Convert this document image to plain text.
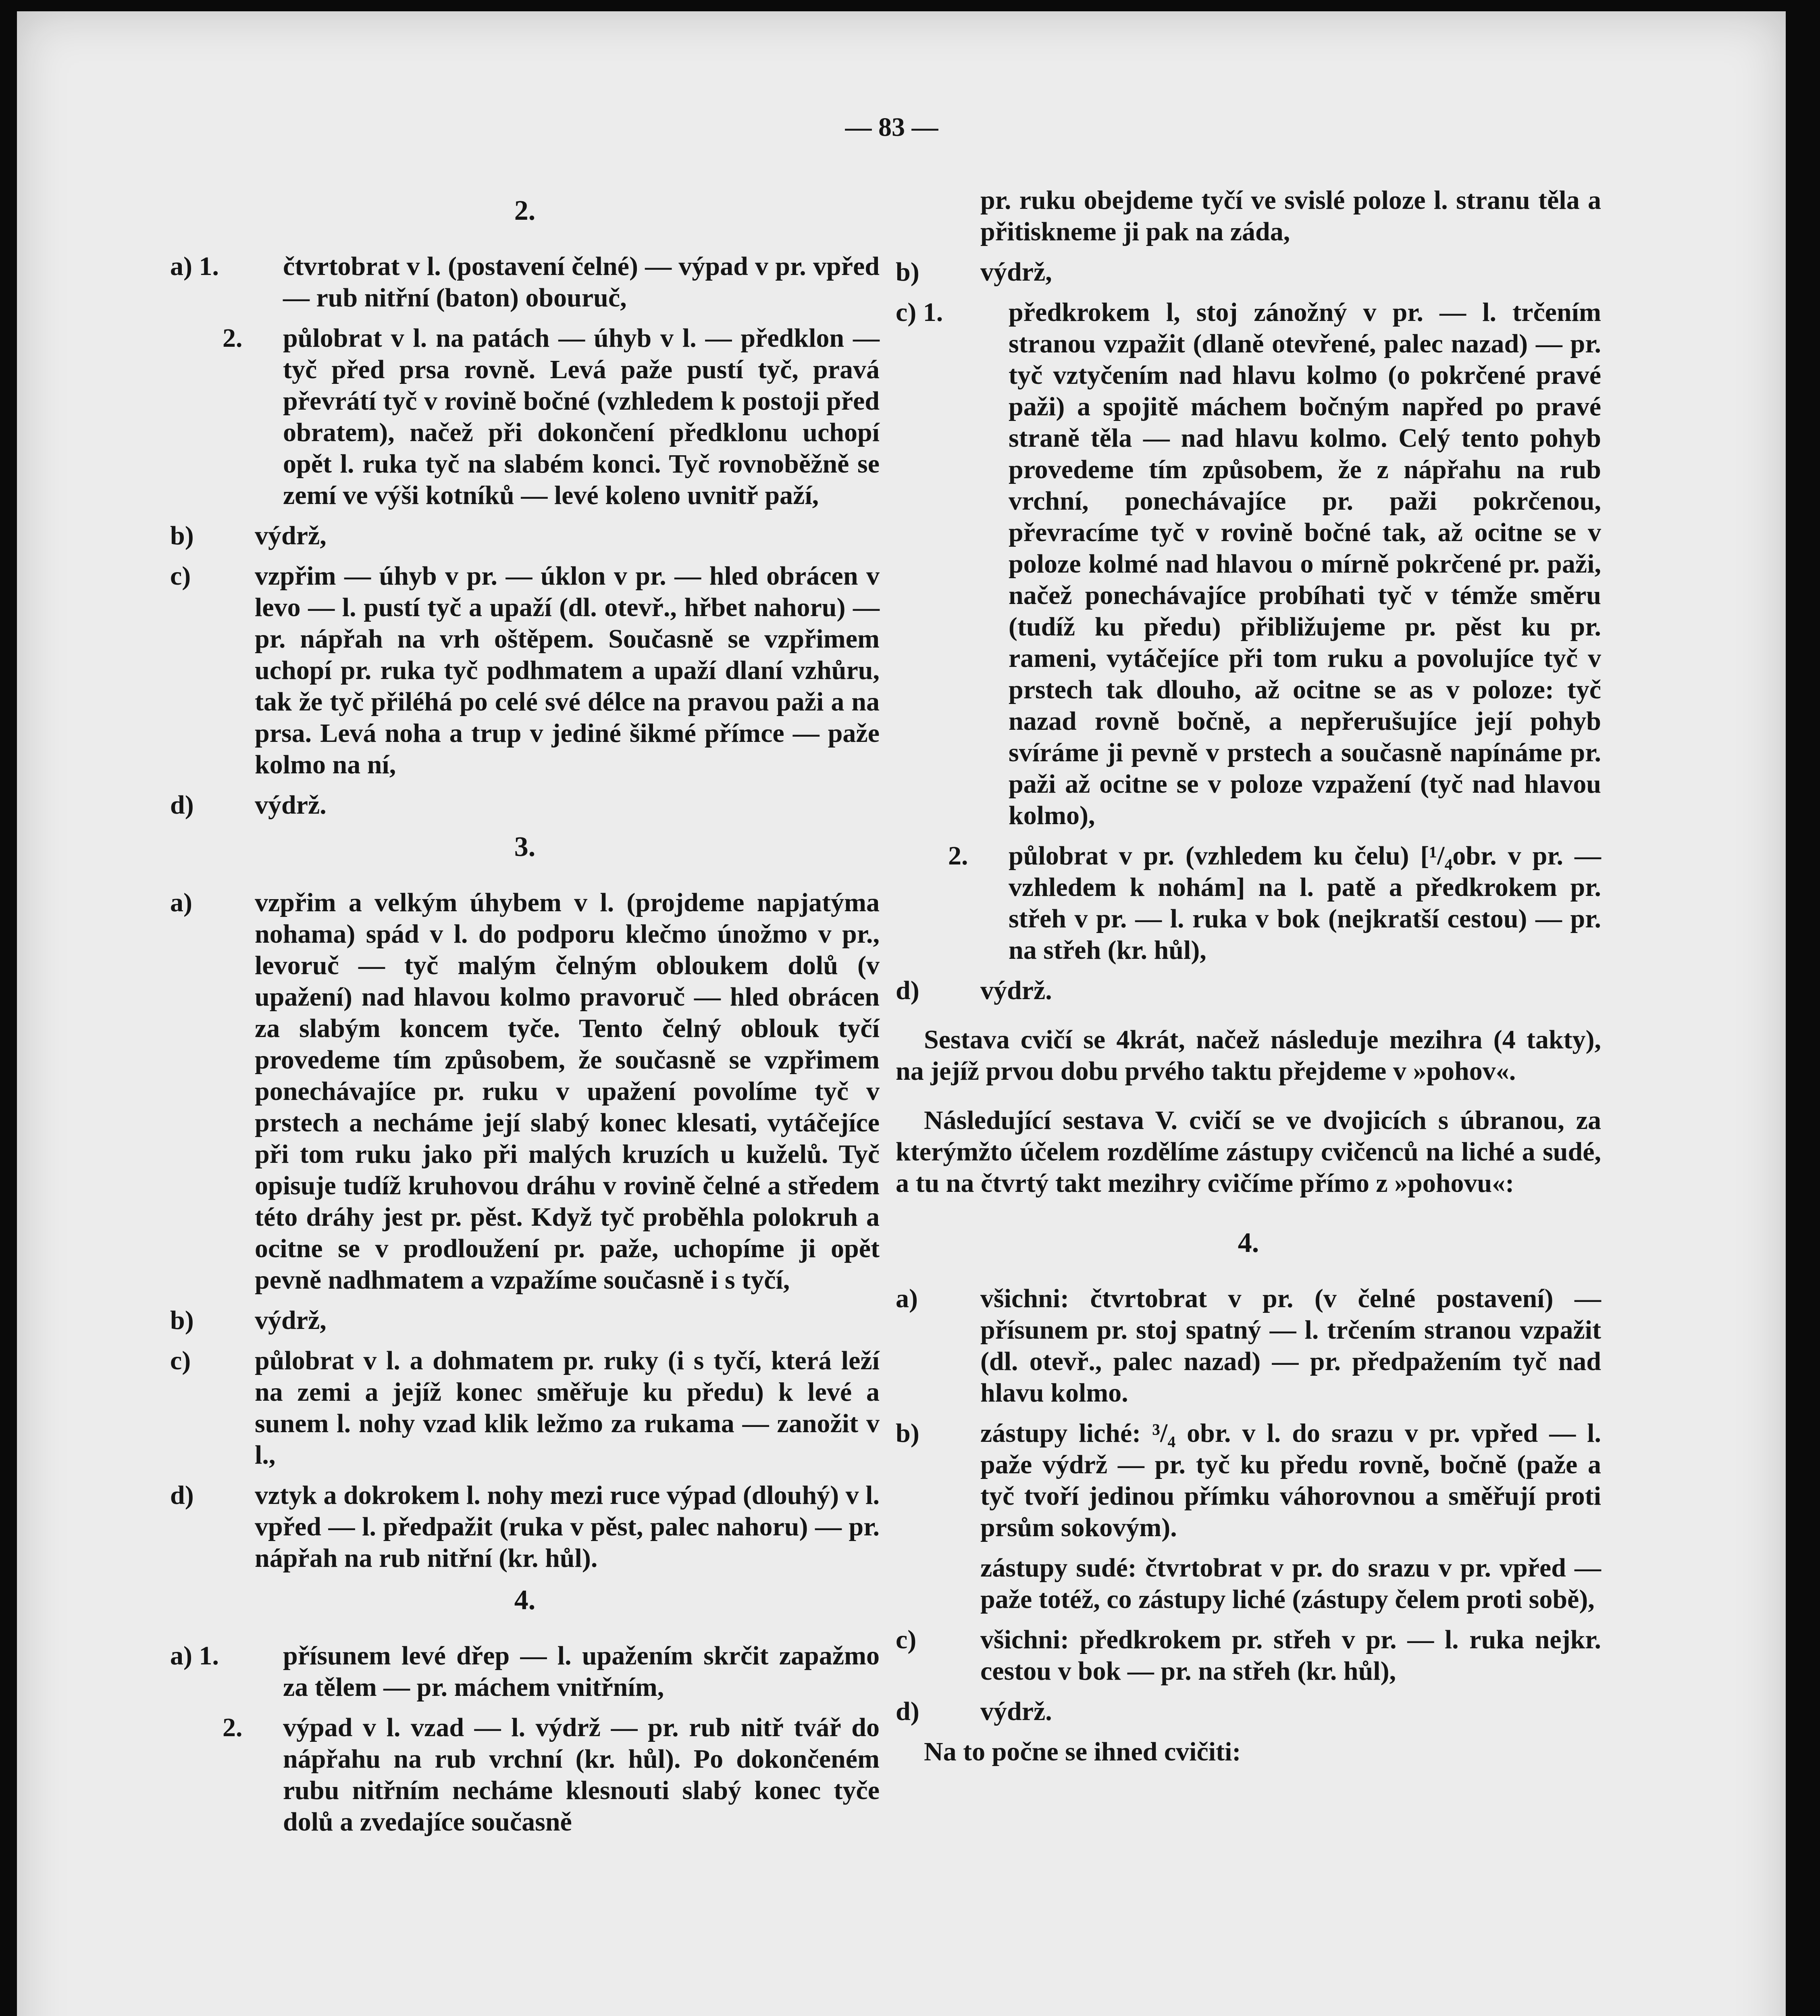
— 83 —
2.
a) 1.	čtvrtobrat v l. (postavení čelné) — výpad v pr. vpřed — rub nitřní (baton) obouruč,
2.	půlobrat v l. na patách — úhyb v l. — předklon — tyč před prsa rovně. Levá paže pustí tyč, pravá převrátí tyč v rovině bočné (vzhledem k postoji před obratem), načež při dokončení předklonu uchopí opět l. ruka tyč na slabém konci. Tyč rovnoběžně se zemí ve výši kotníků — levé koleno uvnitř paží,
b)	výdrž,
c)	vzpřim — úhyb v pr. — úklon v pr. — hled obrácen v levo — l. pustí tyč a upaží (dl. otevř., hřbet nahoru) — pr. nápřah na vrh oštěpem. Současně se vzpřimem uchopí pr. ruka tyč podhmatem a upaží dlaní vzhůru, tak že tyč přiléhá po celé své délce na pravou paži a na prsa. Levá noha a trup v jediné šikmé přímce — paže kolmo na ní,
d)	výdrž.
3.
a)	vzpřim a velkým úhybem v l. (projdeme napjatýma nohama) spád v l. do podporu klečmo únožmo v pr., levoruč — tyč malým čelným obloukem dolů (v upažení) nad hlavou kolmo pravoruč — hled obrácen za slabým koncem tyče. Tento čelný oblouk tyčí provedeme tím způsobem, že současně se vzpřimem ponechávajíce pr. ruku v upažení povolíme tyč v prstech a necháme její slabý konec klesati, vytáčejíce při tom ruku jako při malých kruzích u kuželů. Tyč opisuje tudíž kruhovou dráhu v rovině čelné a středem této dráhy jest pr. pěst. Když tyč proběhla polokruh a ocitne se v prodloužení pr. paže, uchopíme ji opět pevně nadhmatem a vzpažíme současně i s tyčí,
b)	výdrž,
c)	půlobrat v l. a dohmatem pr. ruky (i s tyčí, která leží na zemi a jejíž konec směřuje ku předu) k levé a sunem l. nohy vzad klik ležmo za rukama — zanožit v l.,
d)	vztyk a dokrokem l. nohy mezi ruce výpad (dlouhý) v l. vpřed — l. předpažit (ruka v pěst, palec nahoru) — pr. nápřah na rub nitřní (kr. hůl).
4.
a) 1.	přísunem levé dřep — l. upažením skrčit zapažmo za tělem — pr. máchem vnitřním,
2.	výpad v l. vzad — l. výdrž — pr. rub nitř tvář do nápřahu na rub vrchní (kr. hůl). Po dokončeném rubu nitřním necháme klesnouti slabý konec tyče dolů a zvedajíce současně
pr. ruku obejdeme tyčí ve svislé poloze l. stranu těla a přitiskneme ji pak na záda,
b)	výdrž,
c) 1.	předkrokem l, stoj zánožný v pr. — l. trčením stranou vzpažit (dlaně otevřené, palec nazad) — pr. tyč vztyčením nad hlavu kolmo (o pokrčené pravé paži) a spojitě máchem bočným napřed po pravé straně těla — nad hlavu kolmo. Celý tento pohyb provedeme tím způsobem, že z nápřahu na rub vrchní, ponechávajíce pr. paži pokrčenou, převracíme tyč v rovině bočné tak, až ocitne se v poloze kolmé nad hlavou o mírně pokrčené pr. paži, načež ponechávajíce probíhati tyč v témže směru (tudíž ku předu) přibližujeme pr. pěst ku pr. rameni, vytáčejíce při tom ruku a povolujíce tyč v prstech tak dlouho, až ocitne se as v poloze: tyč nazad rovně bočně, a nepřerušujíce její pohyb svíráme ji pevně v prstech a současně napínáme pr. paži až ocitne se v poloze vzpažení (tyč nad hlavou kolmo),
2.	půlobrat v pr. (vzhledem ku čelu) [¹/₄obr. v pr. — vzhledem k nohám] na l. patě a předkrokem pr. střeh v pr. — l. ruka v bok (nejkratší cestou) — pr. na střeh (kr. hůl),
d)	výdrž.
Sestava cvičí se 4krát, načež následuje mezihra (4 takty), na jejíž prvou dobu prvého taktu přejdeme v »pohov«.
Následující sestava V. cvičí se ve dvojicích s úbranou, za kterýmžto účelem rozdělíme zástupy cvičenců na liché a sudé, a tu na čtvrtý takt mezihry cvičíme přímo z »pohovu«:
4.
a)	všichni: čtvrtobrat v pr. (v čelné postavení) — přísunem pr. stoj spatný — l. trčením stranou vzpažit (dl. otevř., palec nazad) — pr. předpažením tyč nad hlavu kolmo.
b)	zástupy liché: ³/₄ obr. v l. do srazu v pr. vpřed — l. paže výdrž — pr. tyč ku předu rovně, bočně (paže a tyč tvoří jedinou přímku váhorovnou a směřují proti prsům sokovým).
zástupy sudé: čtvrtobrat v pr. do srazu v pr. vpřed — paže totéž, co zástupy liché (zástupy čelem proti sobě),
c)	všichni: předkrokem pr. střeh v pr. — l. ruka nejkr. cestou v bok — pr. na střeh (kr. hůl),
d)	výdrž.
Na to počne se ihned cvičiti:
